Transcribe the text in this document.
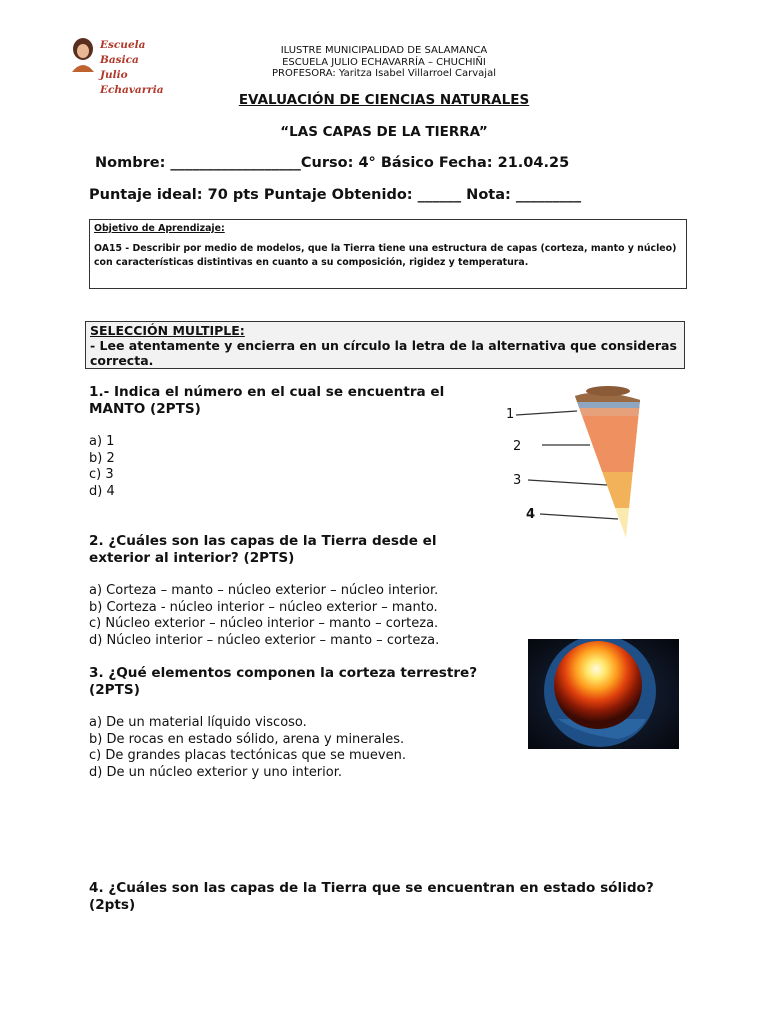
Escuela Basica
Julio Echavarria
ILUSTRE MUNICIPALIDAD DE SALAMANCA
ESCUELA JULIO ECHAVARRÍA – CHUCHIÑI
PROFESORA: Yaritza Isabel Villarroel Carvajal
EVALUACIÓN DE CIENCIAS NATURALES
“LAS CAPAS DE LA TIERRA”
Nombre: __________________Curso: 4° Básico Fecha: 21.04.25
Puntaje ideal: 70 pts Puntaje Obtenido: ______ Nota: _________
Objetivo de Aprendizaje:
OA15 - Describir por medio de modelos, que la Tierra tiene una estructura de capas (corteza, manto y núcleo) con características distintivas en cuanto a su composición, rigidez y temperatura.
SELECCIÓN MULTIPLE:
- Lee atentamente y encierra en un círculo la letra de la alternativa que consideras correcta.
1.- Indica el número en el cual se encuentra el MANTO (2PTS)
a) 1
b) 2
c) 3
d) 4
1
2
3
4
2. ¿Cuáles son las capas de la Tierra desde el exterior al interior? (2PTS)
a) Corteza – manto – núcleo exterior – núcleo interior.
b) Corteza - núcleo interior – núcleo exterior – manto.
c) Núcleo exterior – núcleo interior – manto – corteza.
d) Núcleo interior – núcleo exterior – manto – corteza.
3. ¿Qué elementos componen la corteza terrestre? (2PTS)
a) De un material líquido viscoso.
b) De rocas en estado sólido, arena y minerales.
c) De grandes placas tectónicas que se mueven.
d) De un núcleo exterior y uno interior.
4. ¿Cuáles son las capas de la Tierra que se encuentran en estado sólido? (2pts)
